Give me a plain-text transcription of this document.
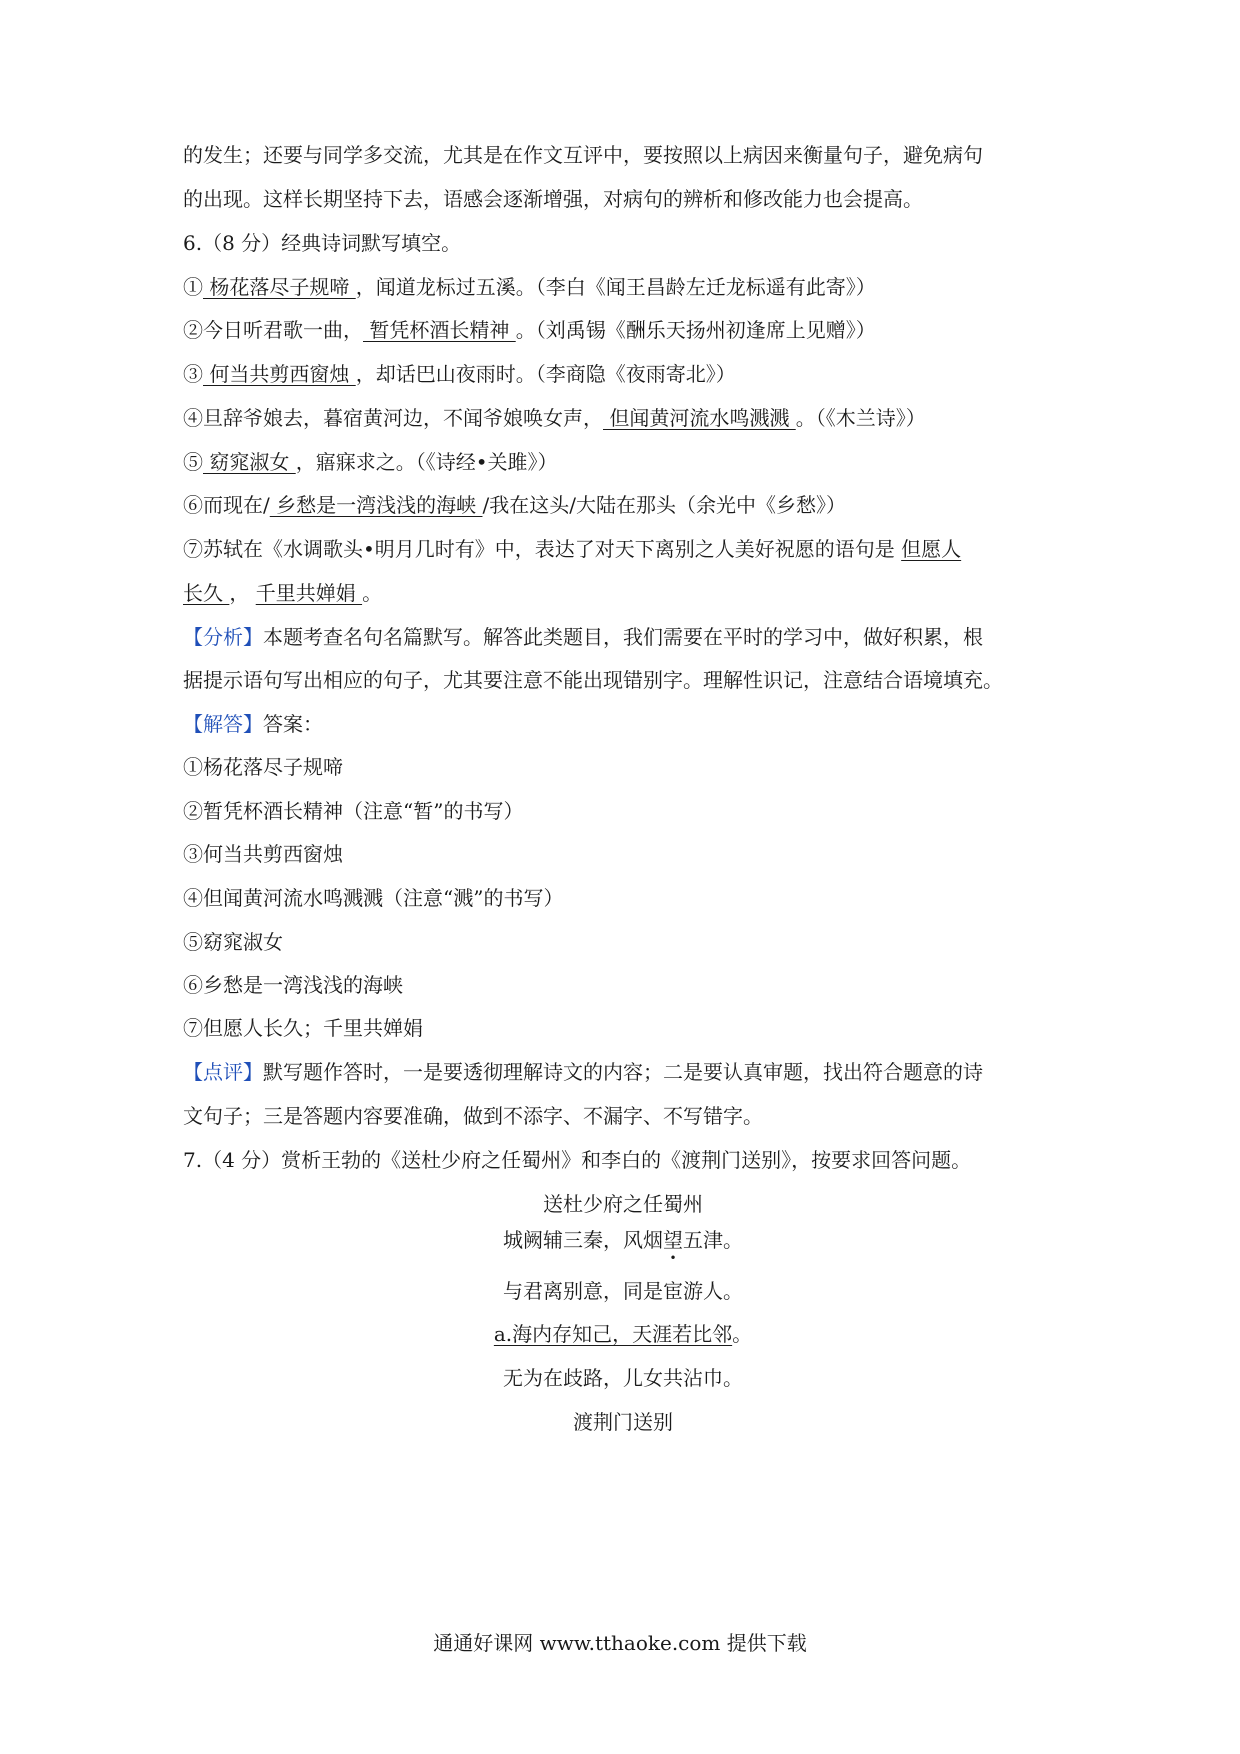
的发生；还要与同学多交流，尤其是在作文互评中，要按照以上病因来衡量句子，避免病句
的出现。这样长期坚持下去，语感会逐渐增强，对病句的辨析和修改能力也会提高。
6.（8 分）经典诗词默写填空。
① 杨花落尽子规啼 ，闻道龙标过五溪。（李白《闻王昌龄左迁龙标遥有此寄》）
②今日听君歌一曲， 暂凭杯酒长精神 。（刘禹锡《酬乐天扬州初逢席上见赠》）
③ 何当共剪西窗烛 ，却话巴山夜雨时。（李商隐《夜雨寄北》）
④旦辞爷娘去，暮宿黄河边，不闻爷娘唤女声， 但闻黄河流水鸣溅溅 。（《木兰诗》）
⑤ 窈窕淑女 ，寤寐求之。（《诗经•关雎》）
⑥而现在/ 乡愁是一湾浅浅的海峡 /我在这头/大陆在那头（余光中《乡愁》）
⑦苏轼在《水调歌头•明月几时有》中，表达了对天下离别之人美好祝愿的语句是 但愿人
长久 ， 千里共婵娟 。
【分析】本题考查名句名篇默写。解答此类题目，我们需要在平时的学习中，做好积累，根
据提示语句写出相应的句子，尤其要注意不能出现错别字。理解性识记，注意结合语境填充。
【解答】答案：
①杨花落尽子规啼
②暂凭杯酒长精神（注意“暂”的书写）
③何当共剪西窗烛
④但闻黄河流水鸣溅溅（注意“溅”的书写）
⑤窈窕淑女
⑥乡愁是一湾浅浅的海峡
⑦但愿人长久；千里共婵娟
【点评】默写题作答时，一是要透彻理解诗文的内容；二是要认真审题，找出符合题意的诗
文句子；三是答题内容要准确，做到不添字、不漏字、不写错字。
7.（4 分）赏析王勃的《送杜少府之任蜀州》和李白的《渡荆门送别》，按要求回答问题。
送杜少府之任蜀州
城阙辅三秦，风烟望五津。
与君离别意，同是宦游人。
a.海内存知己，天涯若比邻。
无为在歧路，儿女共沾巾。
渡荆门送别
通通好课网 www.tthaoke.com 提供下载
